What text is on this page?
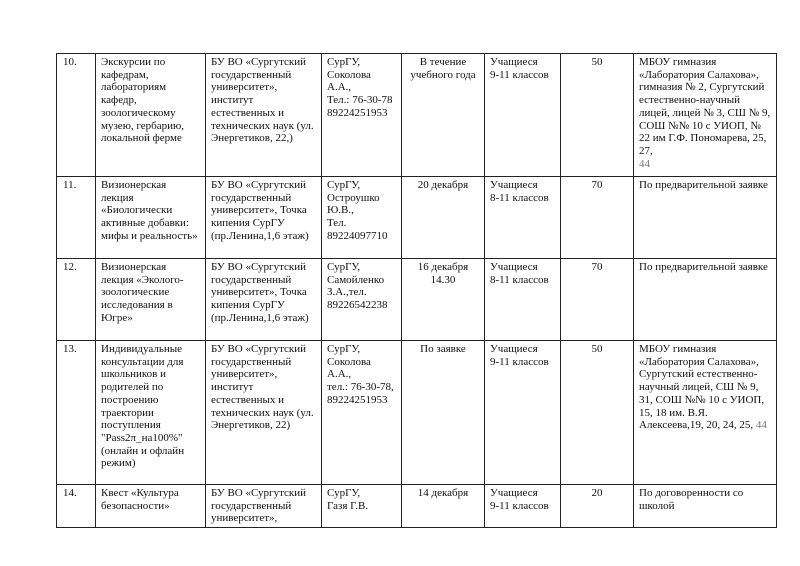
10.	Экскурсии по кафедрам, лабораториям кафедр, зоологическому музею, гербарию, локальной ферме	БУ ВО «Сургутский государственный университет», институт естественных и технических наук (ул. Энергетиков, 22,)	СурГУ,
Соколова А.А.,
Тел.: 76-30-78
89224251953	В течение
учебного года	Учащиеся
9-11 классов	50	МБОУ гимназия «Лаборатория Салахова», гимназия № 2, Сургутский естественно-научный лицей, лицей № 3, СШ № 9, СОШ №№ 10 с УИОП, № 22 им Г.Ф. Пономарева, 25, 27,
44

11.	Визионерская лекция «Биологически активные добавки: мифы и реальность»	БУ ВО «Сургутский государственный университет», Точка кипения СурГУ (пр.Ленина,1,6 этаж)	СурГУ,
Остроушко
Ю.В.,
Тел.
89224097710	20 декабря	Учащиеся
8-11 классов	70	По предварительной заявке
12.	Визионерская лекция «Эколого-зоологические исследования в Югре»	БУ ВО «Сургутский государственный университет», Точка кипения СурГУ (пр.Ленина,1,6 этаж)	СурГУ,
Самойленко
З.А.,тел.
89226542238	16 декабря
14.30	Учащиеся
8-11 классов	70	По предварительной заявке
13.	Индивидуальные консультации для школьников и родителей по построению траектории поступления "Pass2π_на100%" (онлайн и офлайн режим)	БУ ВО «Сургутский государственный университет», институт естественных и технических наук (ул. Энергетиков, 22)	СурГУ,
Соколова А.А.,
тел.: 76-30-78,
89224251953	По заявке	Учащиеся
9-11 классов	50	МБОУ гимназия «Лаборатория Салахова», Сургутский естественно-научный лицей, СШ № 9, 31, СОШ №№ 10 с УИОП, 15, 18 им. В.Я. Алексеева,19, 20, 24, 25, 44
14.	Квест «Культура безопасности»	БУ ВО «Сургутский государственный университет»,	СурГУ,
Газя Г.В.	14 декабря	Учащиеся
9-11 классов	20	По договоренности со школой
